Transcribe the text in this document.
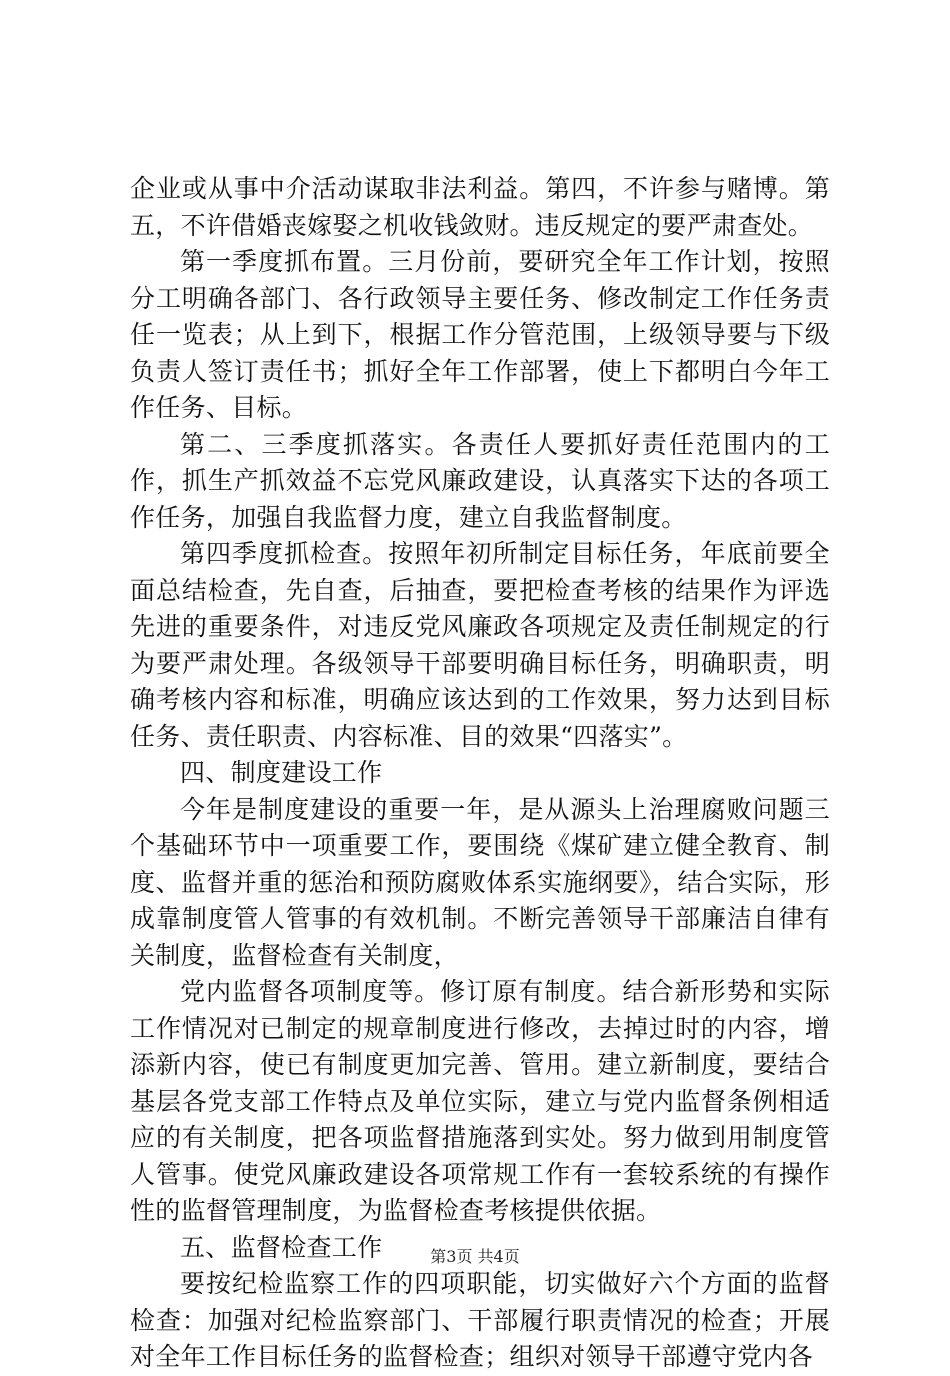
企业或从事中介活动谋取非法利益。第四，不许参与赌博。第五，不许借婚丧嫁娶之机收钱敛财。违反规定的要严肃查处。

第一季度抓布置。三月份前，要研究全年工作计划，按照分工明确各部门、各行政领导主要任务、修改制定工作任务责任一览表；从上到下，根据工作分管范围，上级领导要与下级负责人签订责任书；抓好全年工作部署，使上下都明白今年工作任务、目标。

第二、三季度抓落实。各责任人要抓好责任范围内的工作，抓生产抓效益不忘党风廉政建设，认真落实下达的各项工作任务，加强自我监督力度，建立自我监督制度。

第四季度抓检查。按照年初所制定目标任务，年底前要全面总结检查，先自查，后抽查，要把检查考核的结果作为评选先进的重要条件，对违反党风廉政各项规定及责任制规定的行为要严肃处理。各级领导干部要明确目标任务，明确职责，明确考核内容和标准，明确应该达到的工作效果，努力达到目标任务、责任职责、内容标准、目的效果“四落实”。

四、制度建设工作

今年是制度建设的重要一年，是从源头上治理腐败问题三个基础环节中一项重要工作，要围绕《煤矿建立健全教育、制度、监督并重的惩治和预防腐败体系实施纲要》，结合实际，形成靠制度管人管事的有效机制。不断完善领导干部廉洁自律有关制度，监督检查有关制度，

党内监督各项制度等。修订原有制度。结合新形势和实际工作情况对已制定的规章制度进行修改，去掉过时的内容，增添新内容，使已有制度更加完善、管用。建立新制度，要结合基层各党支部工作特点及单位实际，建立与党内监督条例相适应的有关制度，把各项监督措施落到实处。努力做到用制度管人管事。使党风廉政建设各项常规工作有一套较系统的有操作性的监督管理制度，为监督检查考核提供依据。

五、监督检查工作

要按纪检监察工作的四项职能，切实做好六个方面的监督检查：加强对纪检监察部门、干部履行职责情况的检查；开展对全年工作目标任务的监督检查；组织对领导干部遵守党内各

第3页 共4页
